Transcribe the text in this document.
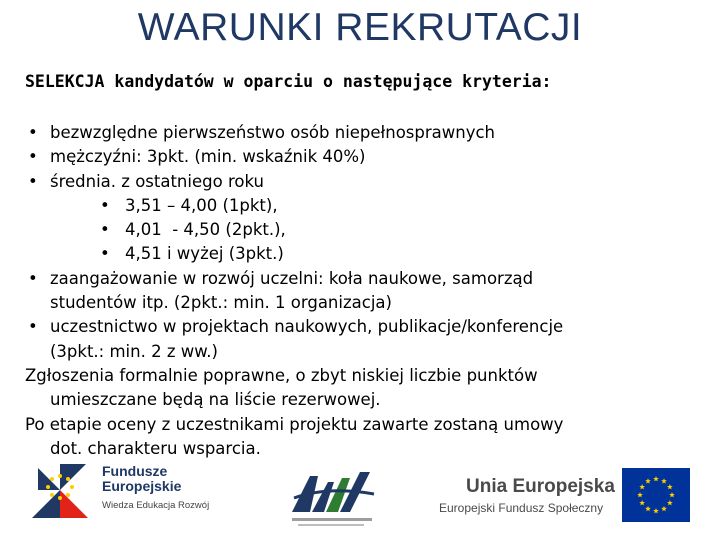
WARUNKI REKRUTACJI
SELEKCJA kandydatów w oparciu o następujące kryteria:
• bezwzględne pierwszeństwo osób niepełnosprawnych
• mężczyźni: 3pkt. (min. wskaźnik 40%)
• średnia. z ostatniego roku
• 3,51 – 4,00 (1pkt),
• 4,01  - 4,50 (2pkt.),
• 4,51 i wyżej (3pkt.)
• zaangażowanie w rozwój uczelni: koła naukowe, samorząd
studentów itp. (2pkt.: min. 1 organizacja)
• uczestnictwo w projektach naukowych, publikacje/konferencje
(3pkt.: min. 2 z ww.)
Zgłoszenia formalnie poprawne, o zbyt niskiej liczbie punktów
umieszczane będą na liście rezerwowej.
Po etapie oceny z uczestnikami projektu zawarte zostaną umowy
dot. charakteru wsparcia.
Fundusze
Europejskie
Wiedza Edukacja Rozwój
Unia Europejska
Europejski Fundusz Społeczny
